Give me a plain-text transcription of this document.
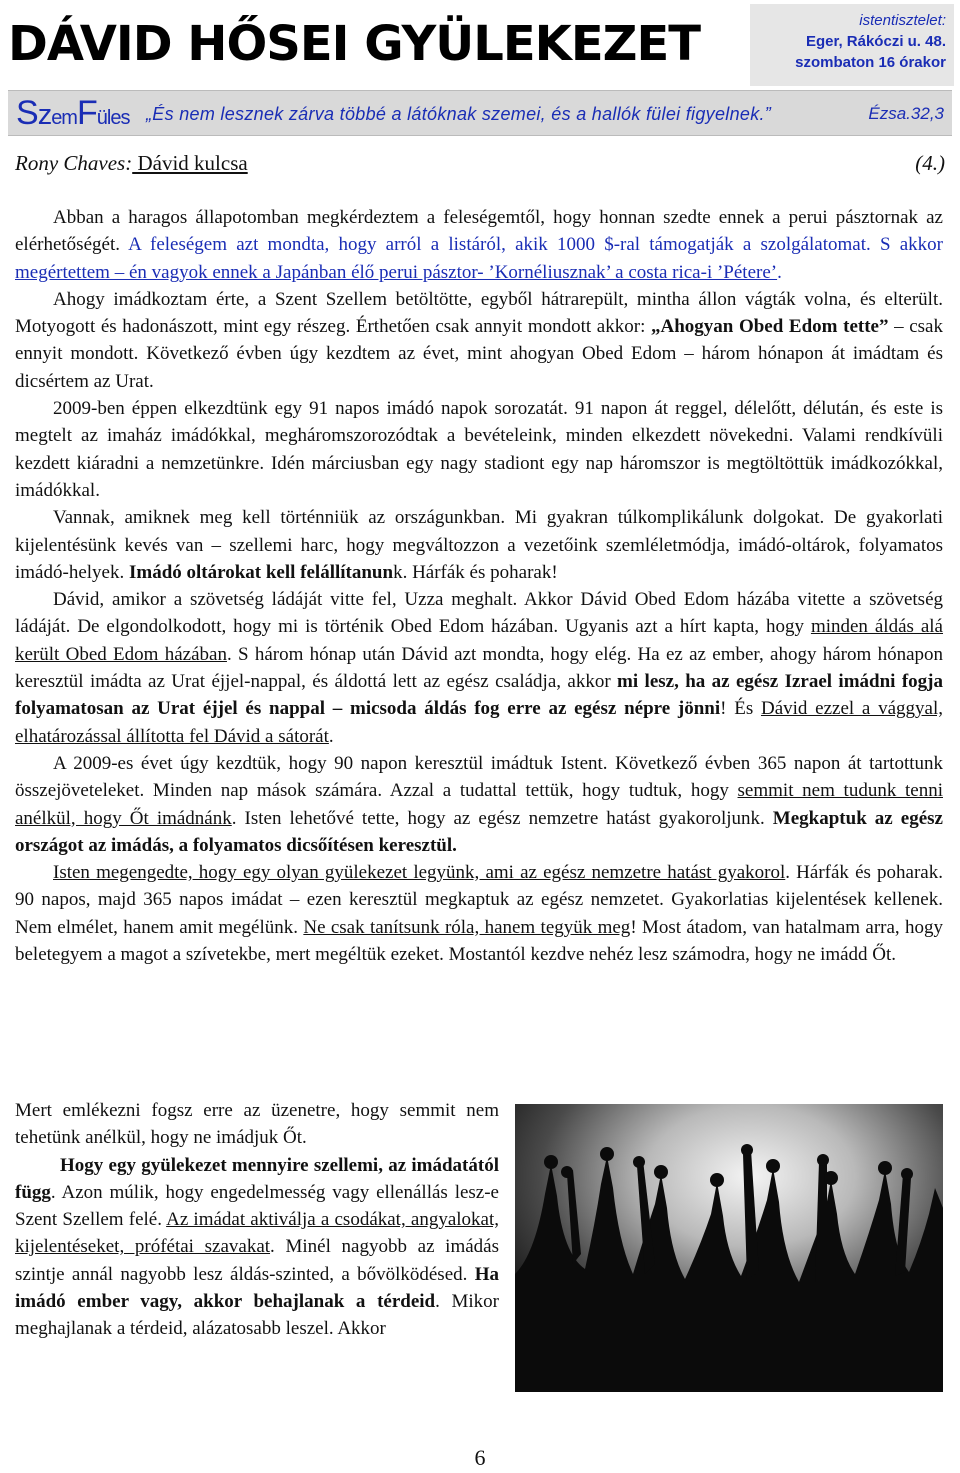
DÁVID HŐSEI GYÜLEKEZET	istentisztelet:
Eger, Rákóczi u. 48.
szombaton 16 órakor
SzemFüles „És nem lesznek zárva többé a látóknak szemei, és a hallók fülei figyelnek.”	Ézsa.32,3
Rony Chaves: Dávid kulcsa	(4.)

Abban a haragos állapotomban megkérdeztem a feleségemtől, hogy honnan szedte ennek a perui pásztornak az elérhetőségét. A feleségem azt mondta, hogy arról a listáról, akik 1000 $-ral támogatják a szolgálatomat. S akkor megértettem – én vagyok ennek a Japánban élő perui pásztor- ’Kornéliusznak’ a costa rica-i ’Pétere’.

Ahogy imádkoztam érte, a Szent Szellem betöltötte, egyből hátrarepült, mintha állon vágták volna, és elterült. Motyogott és hadonászott, mint egy részeg. Érthetően csak annyit mondott akkor: „Ahogyan Obed Edom tette” – csak ennyit mondott. Következő évben úgy kezdtem az évet, mint ahogyan Obed Edom – három hónapon át imádtam és dicsértem az Urat.

2009-ben éppen elkezdtünk egy 91 napos imádó napok sorozatát. 91 napon át reggel, délelőtt, délután, és este is megtelt az imaház imádókkal, megháromszorozódtak a bevételeink, minden elkezdett növekedni. Valami rendkívüli kezdett kiáradni a nemzetünkre. Idén márciusban egy nagy stadiont egy nap háromszor is megtöltöttük imádkozókkal, imádókkal.

Vannak, amiknek meg kell történniük az országunkban. Mi gyakran túlkomplikálunk dolgokat. De gyakorlati kijelentésünk kevés van – szellemi harc, hogy megváltozzon a vezetőink szemléletmódja, imádó-oltárok, folyamatos imádó-helyek. Imádó oltárokat kell felállítanunk. Hárfák és poharak!

Dávid, amikor a szövetség ládáját vitte fel, Uzza meghalt. Akkor Dávid Obed Edom házába vitette a szövetség ládáját. De elgondolkodott, hogy mi is történik Obed Edom házában. Ugyanis azt a hírt kapta, hogy minden áldás alá került Obed Edom házában. S három hónap után Dávid azt mondta, hogy elég. Ha ez az ember, ahogy három hónapon keresztül imádta az Urat éjjel-nappal, és áldottá lett az egész családja, akkor mi lesz, ha az egész Izrael imádni fogja folyamatosan az Urat éjjel és nappal – micsoda áldás fog erre az egész népre jönni! És Dávid ezzel a vággyal, elhatározással állította fel Dávid a sátorát.

A 2009-es évet úgy kezdtük, hogy 90 napon keresztül imádtuk Istent. Következő évben 365 napon át tartottunk összejöveteleket. Minden nap mások számára. Azzal a tudattal tettük, hogy tudtuk, hogy semmit nem tudunk tenni anélkül, hogy Őt imádnánk. Isten lehetővé tette, hogy az egész nemzetre hatást gyakoroljunk. Megkaptuk az egész országot az imádás, a folyamatos dicsőítésen keresztül.

Isten megengedte, hogy egy olyan gyülekezet legyünk, ami az egész nemzetre hatást gyakorol. Hárfák és poharak. 90 napos, majd 365 napos imádat – ezen keresztül megkaptuk az egész nemzetet. Gyakorlatias kijelentések kellenek. Nem elmélet, hanem amit megélünk. Ne csak tanítsunk róla, hanem tegyük meg! Most átadom, van hatalmam arra, hogy beletegyem a magot a szívetekbe, mert megéltük ezeket. Mostantól kezdve nehéz lesz számodra, hogy ne imádd Őt.

Mert emlékezni fogsz erre az üzenetre, hogy semmit nem tehetünk anélkül, hogy ne imádjuk Őt.

Hogy egy gyülekezet mennyire szellemi, az imádatától függ. Azon múlik, hogy engedelmesség vagy ellenállás lesz-e Szent Szellem felé. Az imádat aktiválja a csodákat, angyalokat, kijelentéseket, prófétai szavakat. Minél nagyobb az imádás szintje annál nagyobb lesz áldás-szinted, a bővölködésed. Ha imádó ember vagy, akkor behajlanak a térdeid. Mikor meghajlanak a térdeid, alázatosabb leszel. Akkor

6
